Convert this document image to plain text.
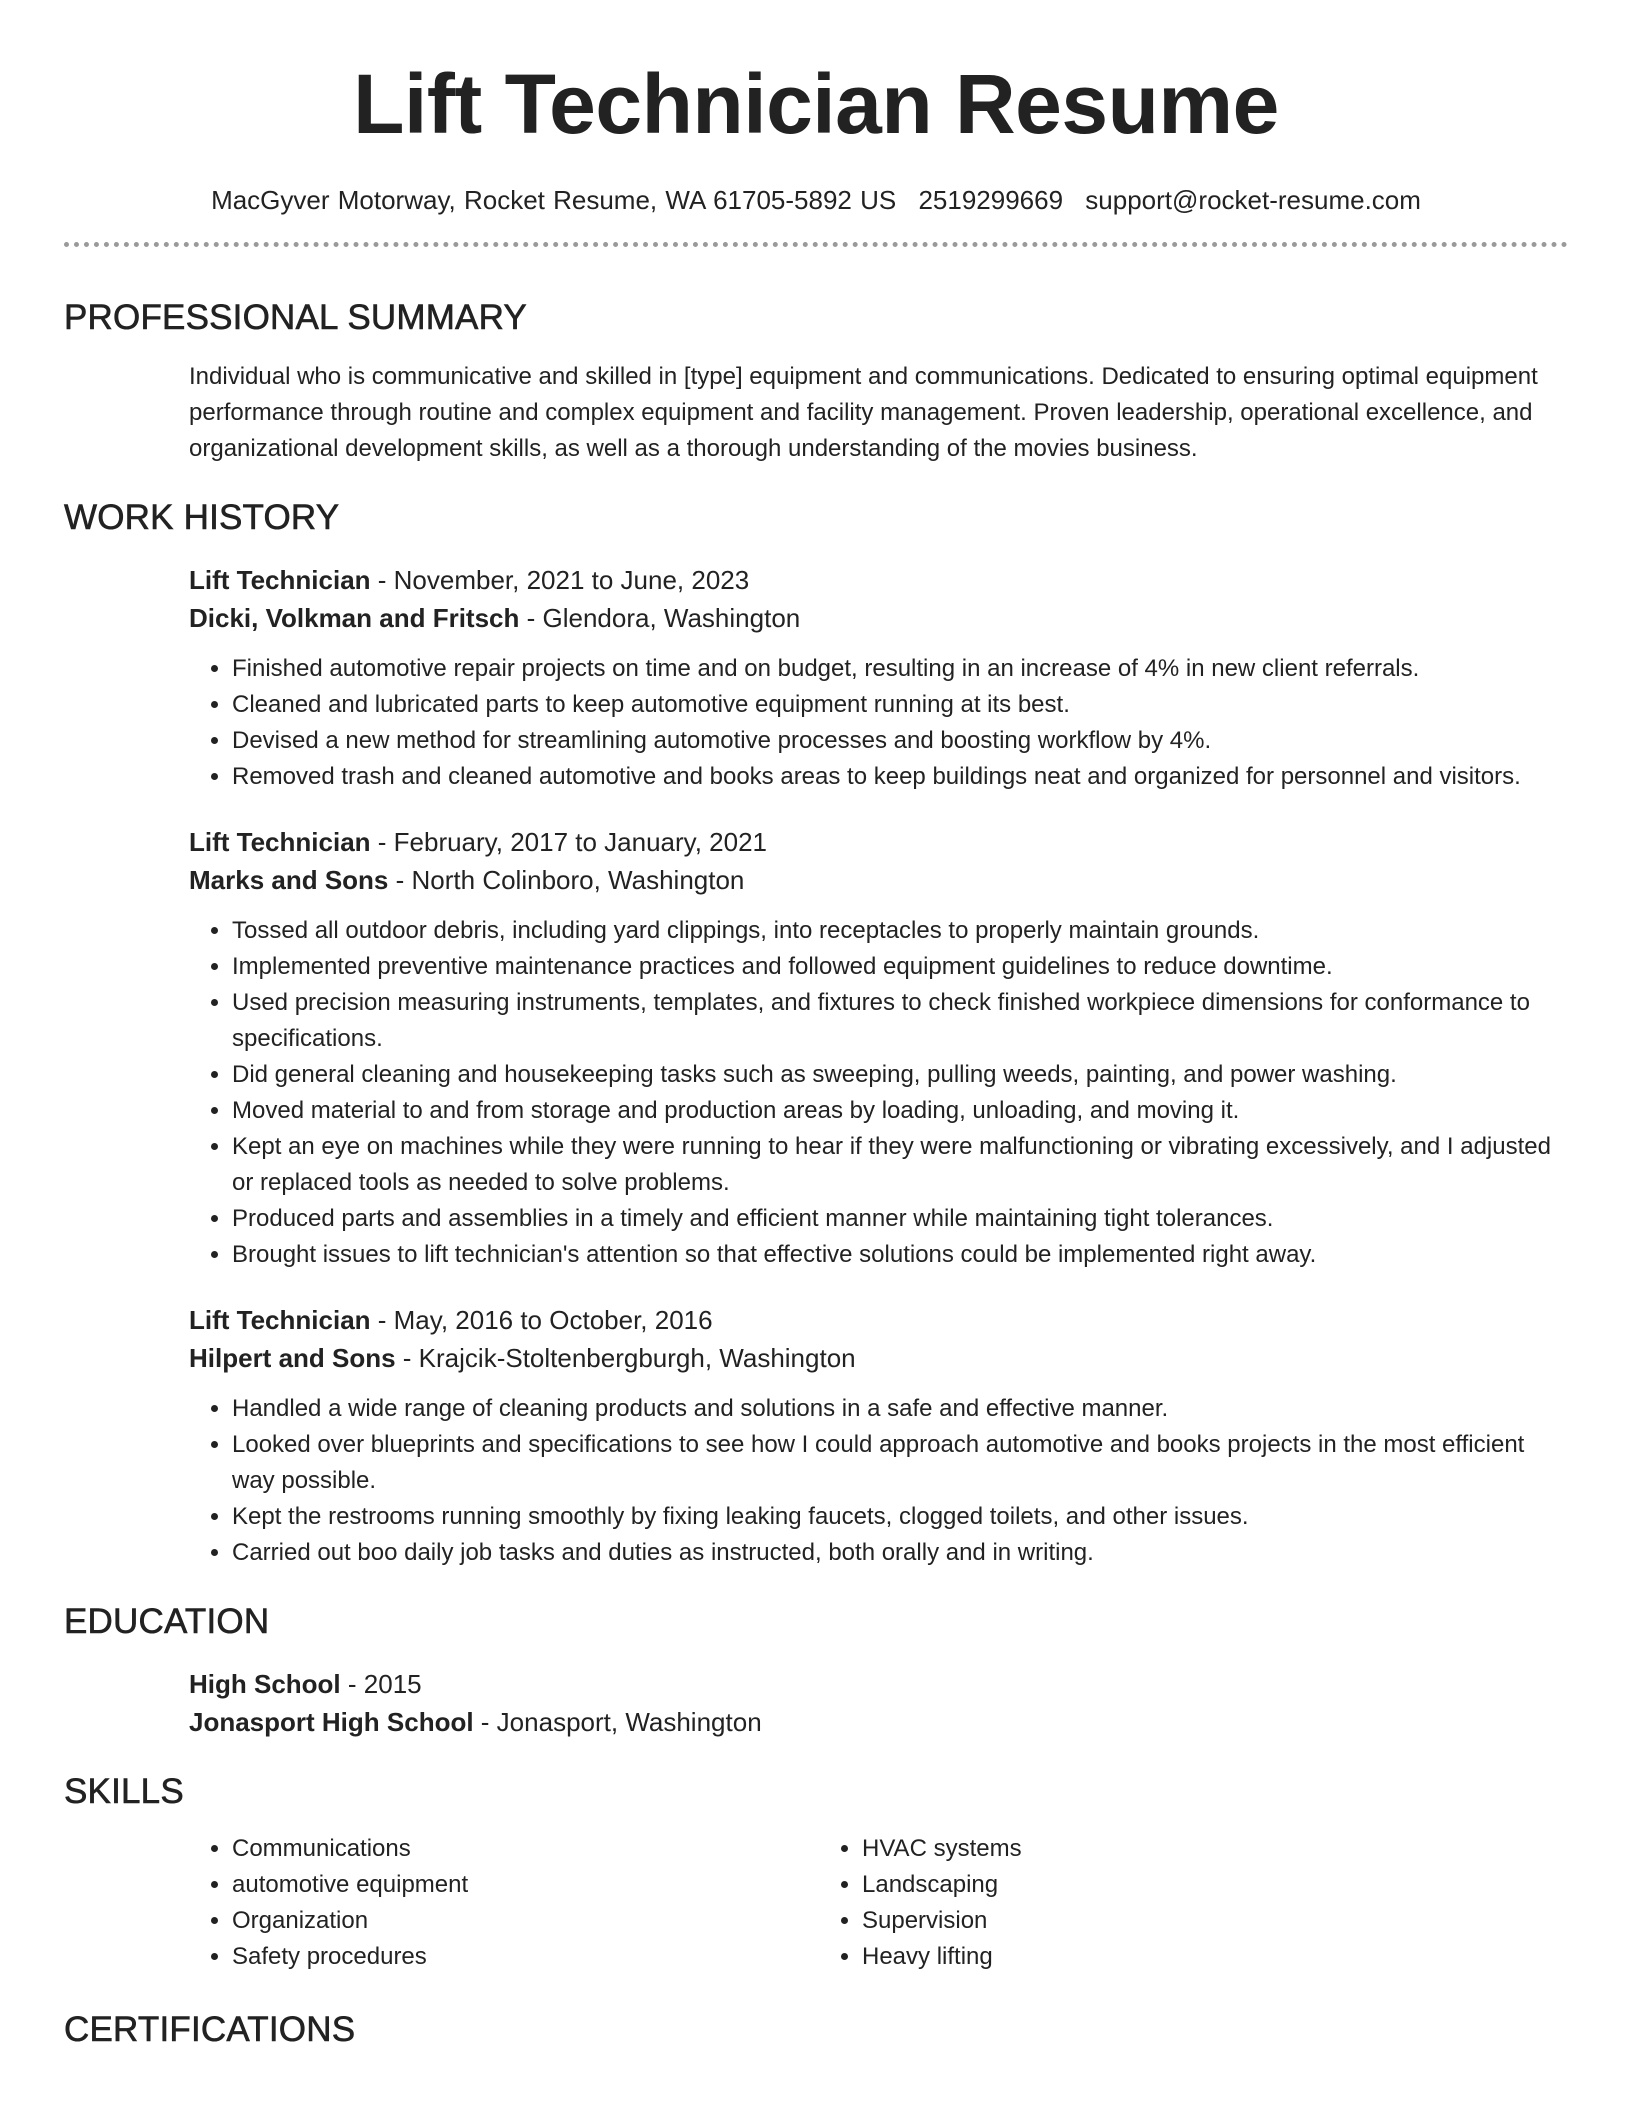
Lift Technician Resume
MacGyver Motorway, Rocket Resume, WA 61705-5892 US 2519299669 support@rocket-resume.com
PROFESSIONAL SUMMARY

Individual who is communicative and skilled in [type] equipment and communications. Dedicated to ensuring optimal equipment performance through routine and complex equipment and facility management. Proven leadership, operational excellence, and organizational development skills, as well as a thorough understanding of the movies business.

WORK HISTORY
Lift Technician - November, 2021 to June, 2023
Dicki, Volkman and Fritsch - Glendora, Washington
• Finished automotive repair projects on time and on budget, resulting in an increase of 4% in new client referrals.
• Cleaned and lubricated parts to keep automotive equipment running at its best.
• Devised a new method for streamlining automotive processes and boosting workflow by 4%.
• Removed trash and cleaned automotive and books areas to keep buildings neat and organized for personnel and visitors.
Lift Technician - February, 2017 to January, 2021
Marks and Sons - North Colinboro, Washington
• Tossed all outdoor debris, including yard clippings, into receptacles to properly maintain grounds.
• Implemented preventive maintenance practices and followed equipment guidelines to reduce downtime.
• Used precision measuring instruments, templates, and fixtures to check finished workpiece dimensions for conformance to specifications.
• Did general cleaning and housekeeping tasks such as sweeping, pulling weeds, painting, and power washing.
• Moved material to and from storage and production areas by loading, unloading, and moving it.
• Kept an eye on machines while they were running to hear if they were malfunctioning or vibrating excessively, and I adjusted or replaced tools as needed to solve problems.
• Produced parts and assemblies in a timely and efficient manner while maintaining tight tolerances.
• Brought issues to lift technician's attention so that effective solutions could be implemented right away.
Lift Technician - May, 2016 to October, 2016
Hilpert and Sons - Krajcik-Stoltenbergburgh, Washington
• Handled a wide range of cleaning products and solutions in a safe and effective manner.
• Looked over blueprints and specifications to see how I could approach automotive and books projects in the most efficient way possible.
• Kept the restrooms running smoothly by fixing leaking faucets, clogged toilets, and other issues.
• Carried out boo daily job tasks and duties as instructed, both orally and in writing.
EDUCATION
High School - 2015
Jonasport High School - Jonasport, Washington
SKILLS
• Communications
• automotive equipment
• Organization
• Safety procedures
• HVAC systems
• Landscaping
• Supervision
• Heavy lifting
CERTIFICATIONS
